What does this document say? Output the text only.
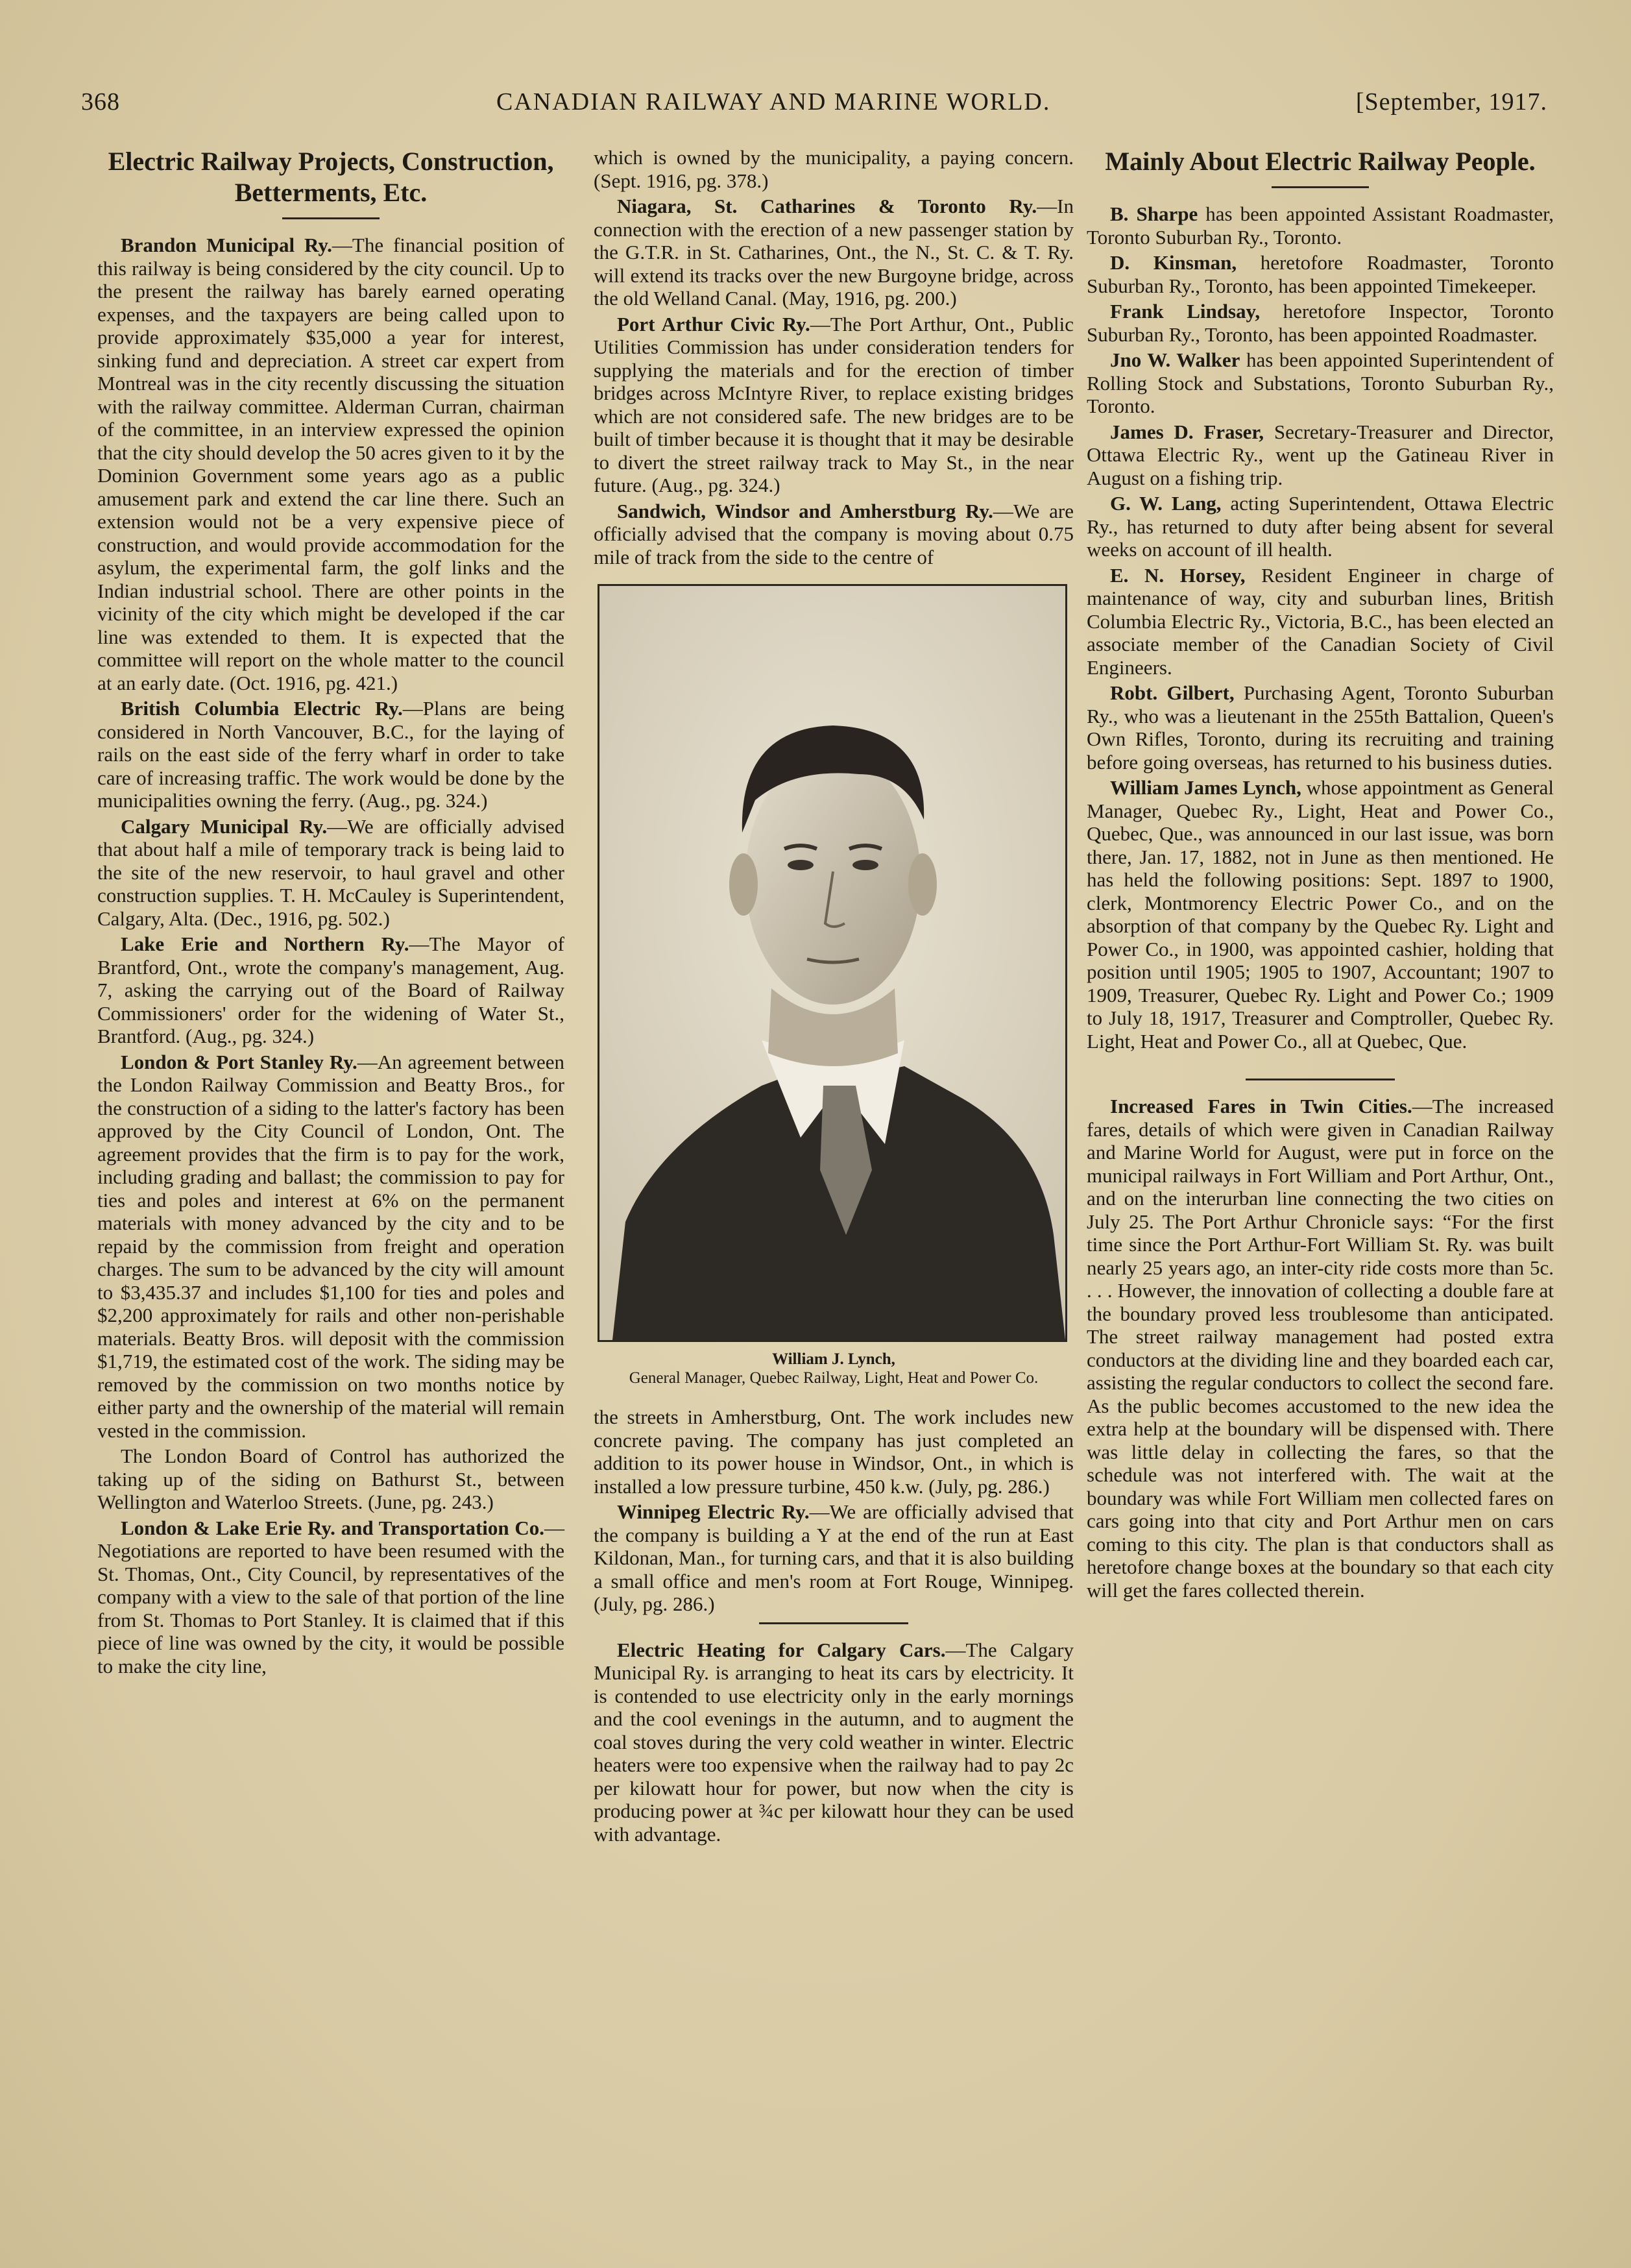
368	CANADIAN RAILWAY AND MARINE WORLD.	[September, 1917.
Electric Railway Projects, Construction, Betterments, Etc.

Brandon Municipal Ry.—The financial position of this railway is being considered by the city council. Up to the present the railway has barely earned operating expenses, and the taxpayers are being called upon to provide approximately $35,000 a year for interest, sinking fund and depreciation. A street car expert from Montreal was in the city recently discussing the situation with the railway committee. Alderman Curran, chairman of the committee, in an interview expressed the opinion that the city should develop the 50 acres given to it by the Dominion Government some years ago as a public amusement park and extend the car line there. Such an extension would not be a very expensive piece of construction, and would provide accommodation for the asylum, the experimental farm, the golf links and the Indian industrial school. There are other points in the vicinity of the city which might be developed if the car line was extended to them. It is expected that the committee will report on the whole matter to the council at an early date. (Oct. 1916, pg. 421.)

British Columbia Electric Ry.—Plans are being considered in North Vancouver, B.C., for the laying of rails on the east side of the ferry wharf in order to take care of increasing traffic. The work would be done by the municipalities owning the ferry. (Aug., pg. 324.)

Calgary Municipal Ry.—We are officially advised that about half a mile of temporary track is being laid to the site of the new reservoir, to haul gravel and other construction supplies. T. H. McCauley is Superintendent, Calgary, Alta. (Dec., 1916, pg. 502.)

Lake Erie and Northern Ry.—The Mayor of Brantford, Ont., wrote the company's management, Aug. 7, asking the carrying out of the Board of Railway Commissioners' order for the widening of Water St., Brantford. (Aug., pg. 324.)

London & Port Stanley Ry.—An agreement between the London Railway Commission and Beatty Bros., for the construction of a siding to the latter's factory has been approved by the City Council of London, Ont. The agreement provides that the firm is to pay for the work, including grading and ballast; the commission to pay for ties and poles and interest at 6% on the permanent materials with money advanced by the city and to be repaid by the commission from freight and operation charges. The sum to be advanced by the city will amount to $3,435.37 and includes $1,100 for ties and poles and $2,200 approximately for rails and other non-perishable materials. Beatty Bros. will deposit with the commission $1,719, the estimated cost of the work. The siding may be removed by the commission on two months notice by either party and the ownership of the material will remain vested in the commission.

The London Board of Control has authorized the taking up of the siding on Bathurst St., between Wellington and Waterloo Streets. (June, pg. 243.)

London & Lake Erie Ry. and Transportation Co.—Negotiations are reported to have been resumed with the St. Thomas, Ont., City Council, by representatives of the company with a view to the sale of that portion of the line from St. Thomas to Port Stanley. It is claimed that if this piece of line was owned by the city, it would be possible to make the city line,

which is owned by the municipality, a paying concern. (Sept. 1916, pg. 378.)

Niagara, St. Catharines & Toronto Ry.—In connection with the erection of a new passenger station by the G.T.R. in St. Catharines, Ont., the N., St. C. & T. Ry. will extend its tracks over the new Burgoyne bridge, across the old Welland Canal. (May, 1916, pg. 200.)

Port Arthur Civic Ry.—The Port Arthur, Ont., Public Utilities Commission has under consideration tenders for supplying the materials and for the erection of timber bridges across McIntyre River, to replace existing bridges which are not considered safe. The new bridges are to be built of timber because it is thought that it may be desirable to divert the street railway track to May St., in the near future. (Aug., pg. 324.)

Sandwich, Windsor and Amherstburg Ry.—We are officially advised that the company is moving about 0.75 mile of track from the side to the centre of

William J. Lynch,
General Manager, Quebec Railway, Light, Heat and Power Co.

the streets in Amherstburg, Ont. The work includes new concrete paving. The company has just completed an addition to its power house in Windsor, Ont., in which is installed a low pressure turbine, 450 k.w. (July, pg. 286.)

Winnipeg Electric Ry.—We are officially advised that the company is building a Y at the end of the run at East Kildonan, Man., for turning cars, and that it is also building a small office and men's room at Fort Rouge, Winnipeg. (July, pg. 286.)

Electric Heating for Calgary Cars.—The Calgary Municipal Ry. is arranging to heat its cars by electricity. It is contended to use electricity only in the early mornings and the cool evenings in the autumn, and to augment the coal stoves during the very cold weather in winter. Electric heaters were too expensive when the railway had to pay 2c per kilowatt hour for power, but now when the city is producing power at ¾c per kilowatt hour they can be used with advantage.

Mainly About Electric Railway People.

B. Sharpe has been appointed Assistant Roadmaster, Toronto Suburban Ry., Toronto.

D. Kinsman, heretofore Roadmaster, Toronto Suburban Ry., Toronto, has been appointed Timekeeper.

Frank Lindsay, heretofore Inspector, Toronto Suburban Ry., Toronto, has been appointed Roadmaster.

Jno W. Walker has been appointed Superintendent of Rolling Stock and Substations, Toronto Suburban Ry., Toronto.

James D. Fraser, Secretary-Treasurer and Director, Ottawa Electric Ry., went up the Gatineau River in August on a fishing trip.

G. W. Lang, acting Superintendent, Ottawa Electric Ry., has returned to duty after being absent for several weeks on account of ill health.

E. N. Horsey, Resident Engineer in charge of maintenance of way, city and suburban lines, British Columbia Electric Ry., Victoria, B.C., has been elected an associate member of the Canadian Society of Civil Engineers.

Robt. Gilbert, Purchasing Agent, Toronto Suburban Ry., who was a lieutenant in the 255th Battalion, Queen's Own Rifles, Toronto, during its recruiting and training before going overseas, has returned to his business duties.

William James Lynch, whose appointment as General Manager, Quebec Ry., Light, Heat and Power Co., Quebec, Que., was announced in our last issue, was born there, Jan. 17, 1882, not in June as then mentioned. He has held the following positions: Sept. 1897 to 1900, clerk, Montmorency Electric Power Co., and on the absorption of that company by the Quebec Ry. Light and Power Co., in 1900, was appointed cashier, holding that position until 1905; 1905 to 1907, Accountant; 1907 to 1909, Treasurer, Quebec Ry. Light and Power Co.; 1909 to July 18, 1917, Treasurer and Comptroller, Quebec Ry. Light, Heat and Power Co., all at Quebec, Que.

Increased Fares in Twin Cities.—The increased fares, details of which were given in Canadian Railway and Marine World for August, were put in force on the municipal railways in Fort William and Port Arthur, Ont., and on the interurban line connecting the two cities on July 25. The Port Arthur Chronicle says: “For the first time since the Port Arthur-Fort William St. Ry. was built nearly 25 years ago, an inter-city ride costs more than 5c. . . . However, the innovation of collecting a double fare at the boundary proved less troublesome than anticipated. The street railway management had posted extra conductors at the dividing line and they boarded each car, assisting the regular conductors to collect the second fare. As the public becomes accustomed to the new idea the extra help at the boundary will be dispensed with. There was little delay in collecting the fares, so that the schedule was not interfered with. The wait at the boundary was while Fort William men collected fares on cars going into that city and Port Arthur men on cars coming to this city. The plan is that conductors shall as heretofore change boxes at the boundary so that each city will get the fares collected therein.
